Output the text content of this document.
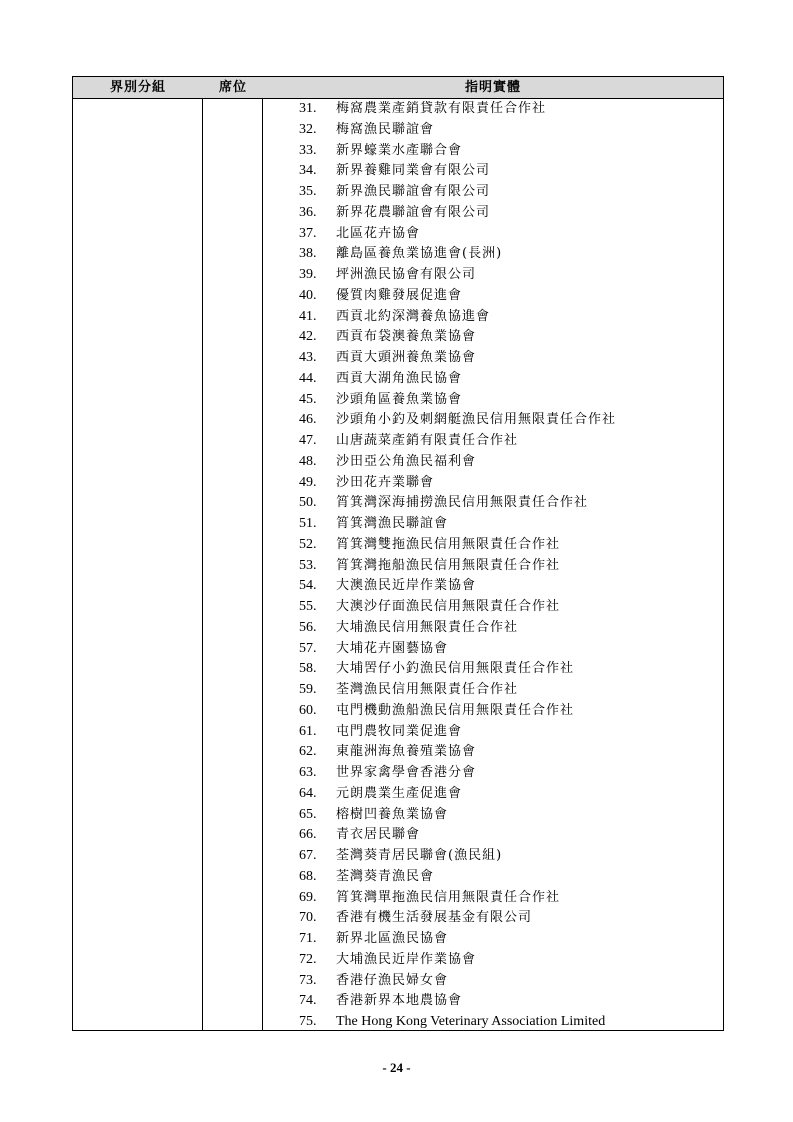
界別分組	席位	指明實體
31. 梅窩農業產銷貸款有限責任合作社
32. 梅窩漁民聯誼會
33. 新界蠔業水產聯合會
34. 新界養雞同業會有限公司
35. 新界漁民聯誼會有限公司
36. 新界花農聯誼會有限公司
37. 北區花卉協會
38. 離島區養魚業協進會(長洲)
39. 坪洲漁民協會有限公司
40. 優質肉雞發展促進會
41. 西貢北約深灣養魚協進會
42. 西貢布袋澳養魚業協會
43. 西貢大頭洲養魚業協會
44. 西貢大湖角漁民協會
45. 沙頭角區養魚業協會
46. 沙頭角小釣及刺網艇漁民信用無限責任合作社
47. 山唐蔬菜產銷有限責任合作社
48. 沙田亞公角漁民福利會
49. 沙田花卉業聯會
50. 筲箕灣深海捕撈漁民信用無限責任合作社
51. 筲箕灣漁民聯誼會
52. 筲箕灣雙拖漁民信用無限責任合作社
53. 筲箕灣拖船漁民信用無限責任合作社
54. 大澳漁民近岸作業協會
55. 大澳沙仔面漁民信用無限責任合作社
56. 大埔漁民信用無限責任合作社
57. 大埔花卉園藝協會
58. 大埔罟仔小釣漁民信用無限責任合作社
59. 荃灣漁民信用無限責任合作社
60. 屯門機動漁船漁民信用無限責任合作社
61. 屯門農牧同業促進會
62. 東龍洲海魚養殖業協會
63. 世界家禽學會香港分會
64. 元朗農業生產促進會
65. 榕樹凹養魚業協會
66. 青衣居民聯會
67. 荃灣葵青居民聯會(漁民組)
68. 荃灣葵青漁民會
69. 筲箕灣單拖漁民信用無限責任合作社
70. 香港有機生活發展基金有限公司
71. 新界北區漁民協會
72. 大埔漁民近岸作業協會
73. 香港仔漁民婦女會
74. 香港新界本地農協會
75. The Hong Kong Veterinary Association Limited
- 24 -
